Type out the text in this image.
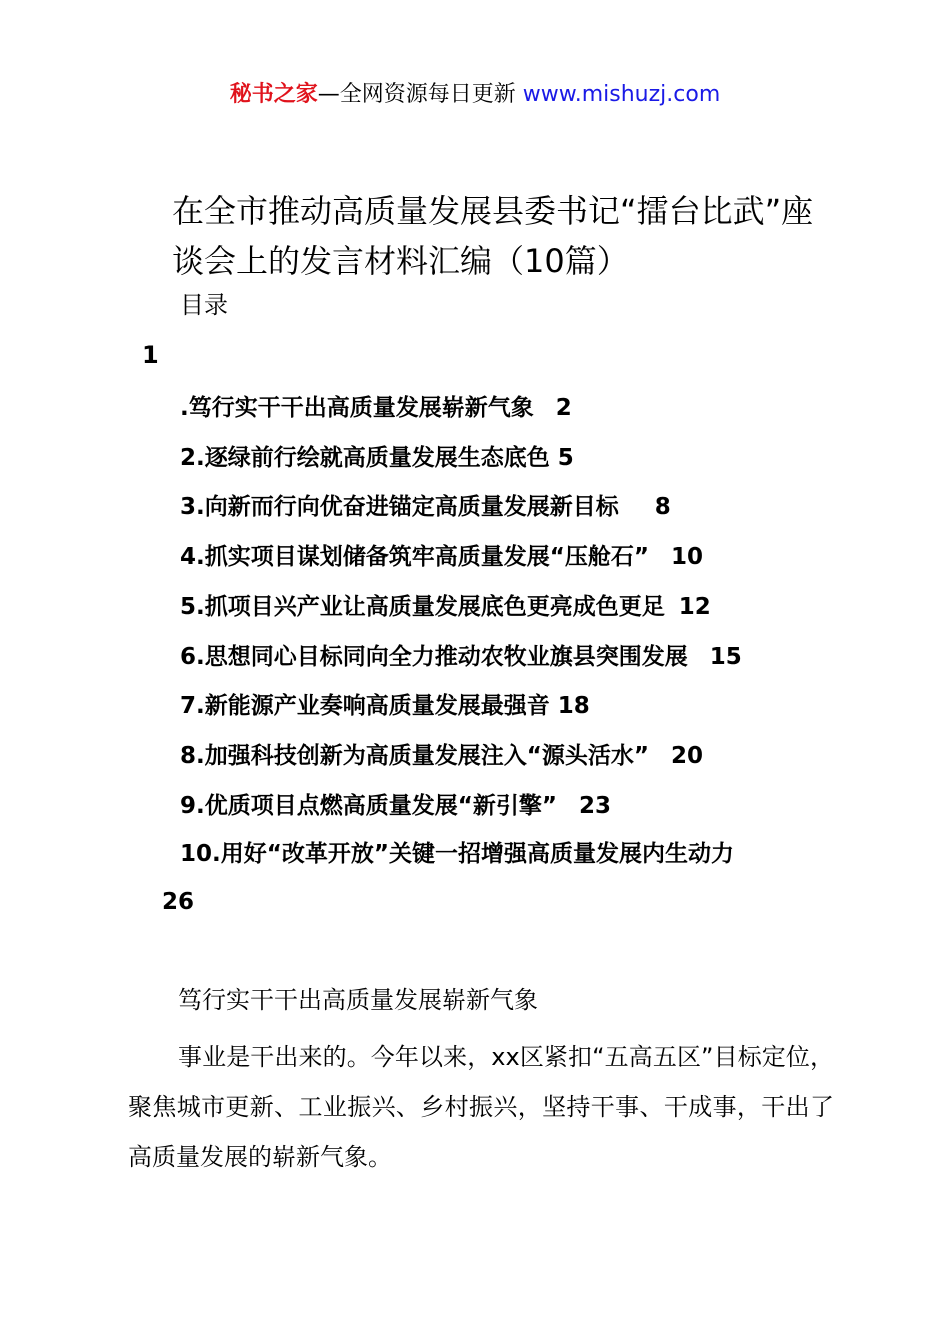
秘书之家—全网资源每日更新 www.mishuzj.com
在全市推动高质量发展县委书记“擂台比武”座谈会上的发言材料汇编（10篇）
目录
1
.笃行实干干出高质量发展崭新气象 2
2.逐绿前行绘就高质量发展生态底色 5
3.向新而行向优奋进锚定高质量发展新目标 8
4.抓实项目谋划储备筑牢高质量发展“压舱石” 10
5.抓项目兴产业让高质量发展底色更亮成色更足 12
6.思想同心目标同向全力推动农牧业旗县突围发展 15
7.新能源产业奏响高质量发展最强音 18
8.加强科技创新为高质量发展注入“源头活水” 20
9.优质项目点燃高质量发展“新引擎” 23
10.用好“改革开放”关键一招增强高质量发展内生动力
26
笃行实干干出高质量发展崭新气象
事业是干出来的。今年以来，xx区紧扣“五高五区”目标定位，聚焦城市更新、工业振兴、乡村振兴，坚持干事、干成事，干出了高质量发展的崭新气象。
